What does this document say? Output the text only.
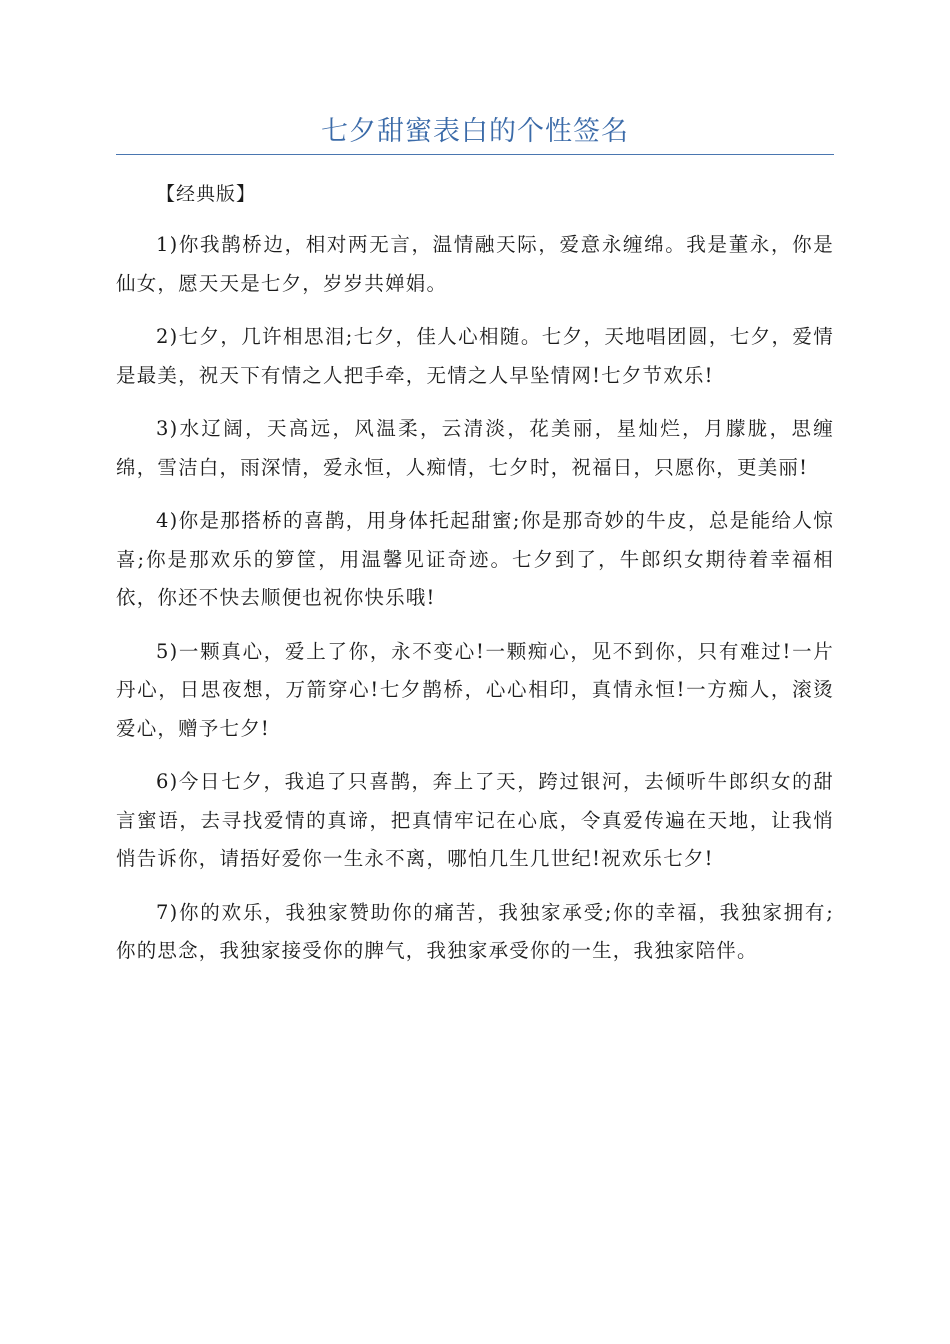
七夕甜蜜表白的个性签名

【经典版】

1)你我鹊桥边，相对两无言，温情融天际，爱意永缠绵。我是董永，你是仙女，愿天天是七夕，岁岁共婵娟。

2)七夕，几许相思泪;七夕，佳人心相随。七夕，天地唱团圆，七夕，爱情是最美，祝天下有情之人把手牵，无情之人早坠情网!七夕节欢乐!

3)水辽阔，天高远，风温柔，云清淡，花美丽，星灿烂，月朦胧，思缠绵，雪洁白，雨深情，爱永恒，人痴情，七夕时，祝福日，只愿你，更美丽!

4)你是那搭桥的喜鹊，用身体托起甜蜜;你是那奇妙的牛皮，总是能给人惊喜;你是那欢乐的箩筐，用温馨见证奇迹。七夕到了，牛郎织女期待着幸福相依，你还不快去顺便也祝你快乐哦!

5)一颗真心，爱上了你，永不变心!一颗痴心，见不到你，只有难过!一片丹心，日思夜想，万箭穿心!七夕鹊桥，心心相印，真情永恒!一方痴人，滚烫爱心，赠予七夕!

6)今日七夕，我追了只喜鹊，奔上了天，跨过银河，去倾听牛郎织女的甜言蜜语，去寻找爱情的真谛，把真情牢记在心底，令真爱传遍在天地，让我悄悄告诉你，请捂好爱你一生永不离，哪怕几生几世纪!祝欢乐七夕!

7)你的欢乐，我独家赞助你的痛苦，我独家承受;你的幸福，我独家拥有;你的思念，我独家接受你的脾气，我独家承受你的一生，我独家陪伴。
